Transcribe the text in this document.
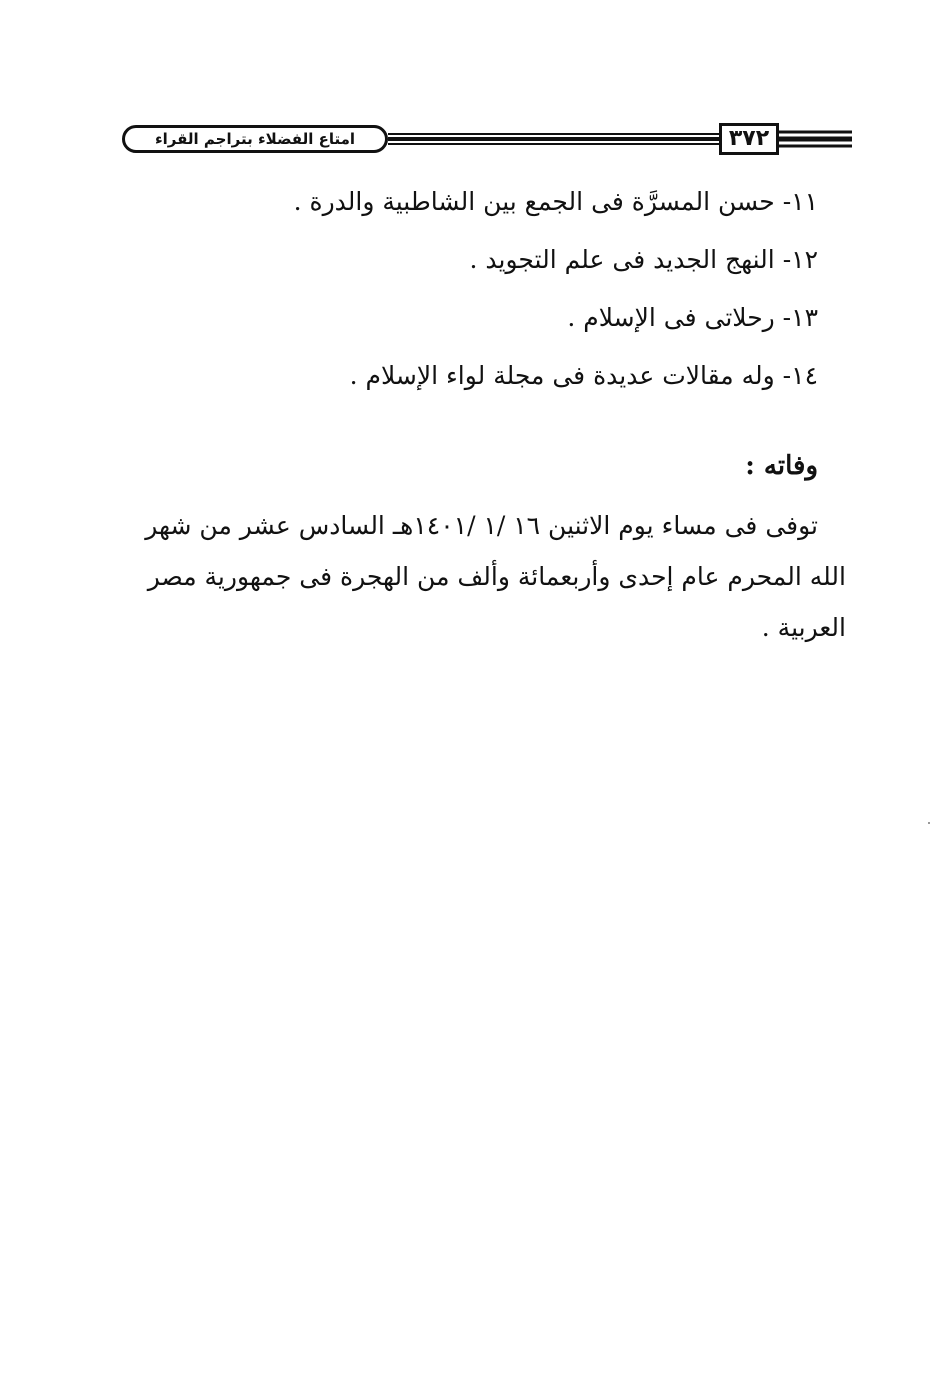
امتاع الفضلاء بتراجم القراء	٣٧٢
١١- حسن المسرَّة فى الجمع بين الشاطبية والدرة .
١٢- النهج الجديد فى علم التجويد .
١٣- رحلاتى فى الإسلام .
١٤- وله مقالات عديدة فى مجلة لواء الإسلام .
وفاته :

توفى فى مساء يوم الاثنين ١٦ /١ /١٤٠١هـ السادس عشر من شهر
الله المحرم عام إحدى وأربعمائة وألف من الهجرة فى جمهورية مصر
العربية .
